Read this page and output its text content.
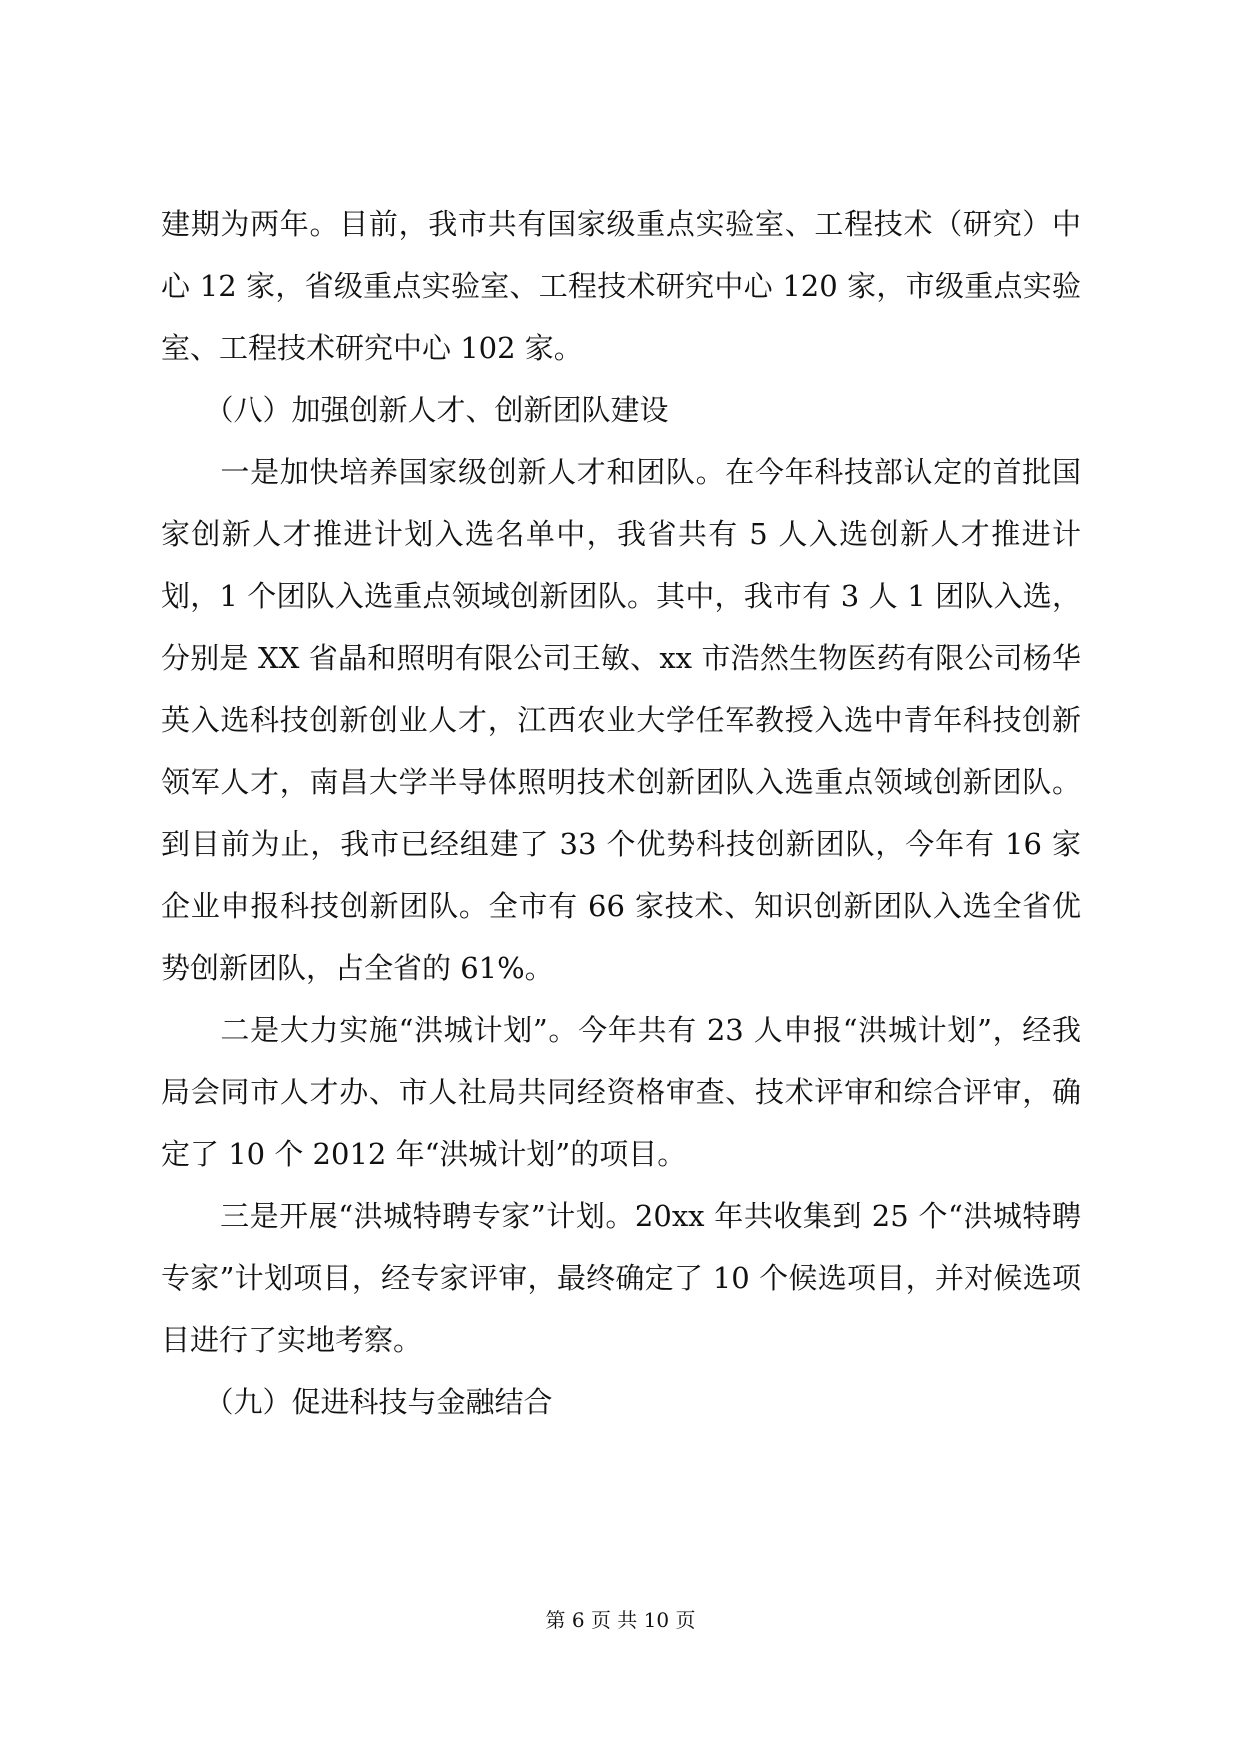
建期为两年。目前，我市共有国家级重点实验室、工程技术（研究）中心 12 家，省级重点实验室、工程技术研究中心 120 家，市级重点实验室、工程技术研究中心 102 家。

　　（八）加强创新人才、创新团队建设

　　一是加快培养国家级创新人才和团队。在今年科技部认定的首批国家创新人才推进计划入选名单中，我省共有 5 人入选创新人才推进计划，1 个团队入选重点领域创新团队。其中，我市有 3 人 1 团队入选，分别是 XX 省晶和照明有限公司王敏、xx 市浩然生物医药有限公司杨华英入选科技创新创业人才，江西农业大学任军教授入选中青年科技创新领军人才，南昌大学半导体照明技术创新团队入选重点领域创新团队。到目前为止，我市已经组建了 33 个优势科技创新团队，今年有 16 家企业申报科技创新团队。全市有 66 家技术、知识创新团队入选全省优势创新团队，占全省的 61%。

　　二是大力实施“洪城计划”。今年共有 23 人申报“洪城计划”，经我局会同市人才办、市人社局共同经资格审查、技术评审和综合评审，确定了 10 个 2012 年“洪城计划”的项目。

　　三是开展“洪城特聘专家”计划。20xx 年共收集到 25 个“洪城特聘专家”计划项目，经专家评审，最终确定了 10 个候选项目，并对候选项目进行了实地考察。

　　（九）促进科技与金融结合

第 6 页 共 10 页
